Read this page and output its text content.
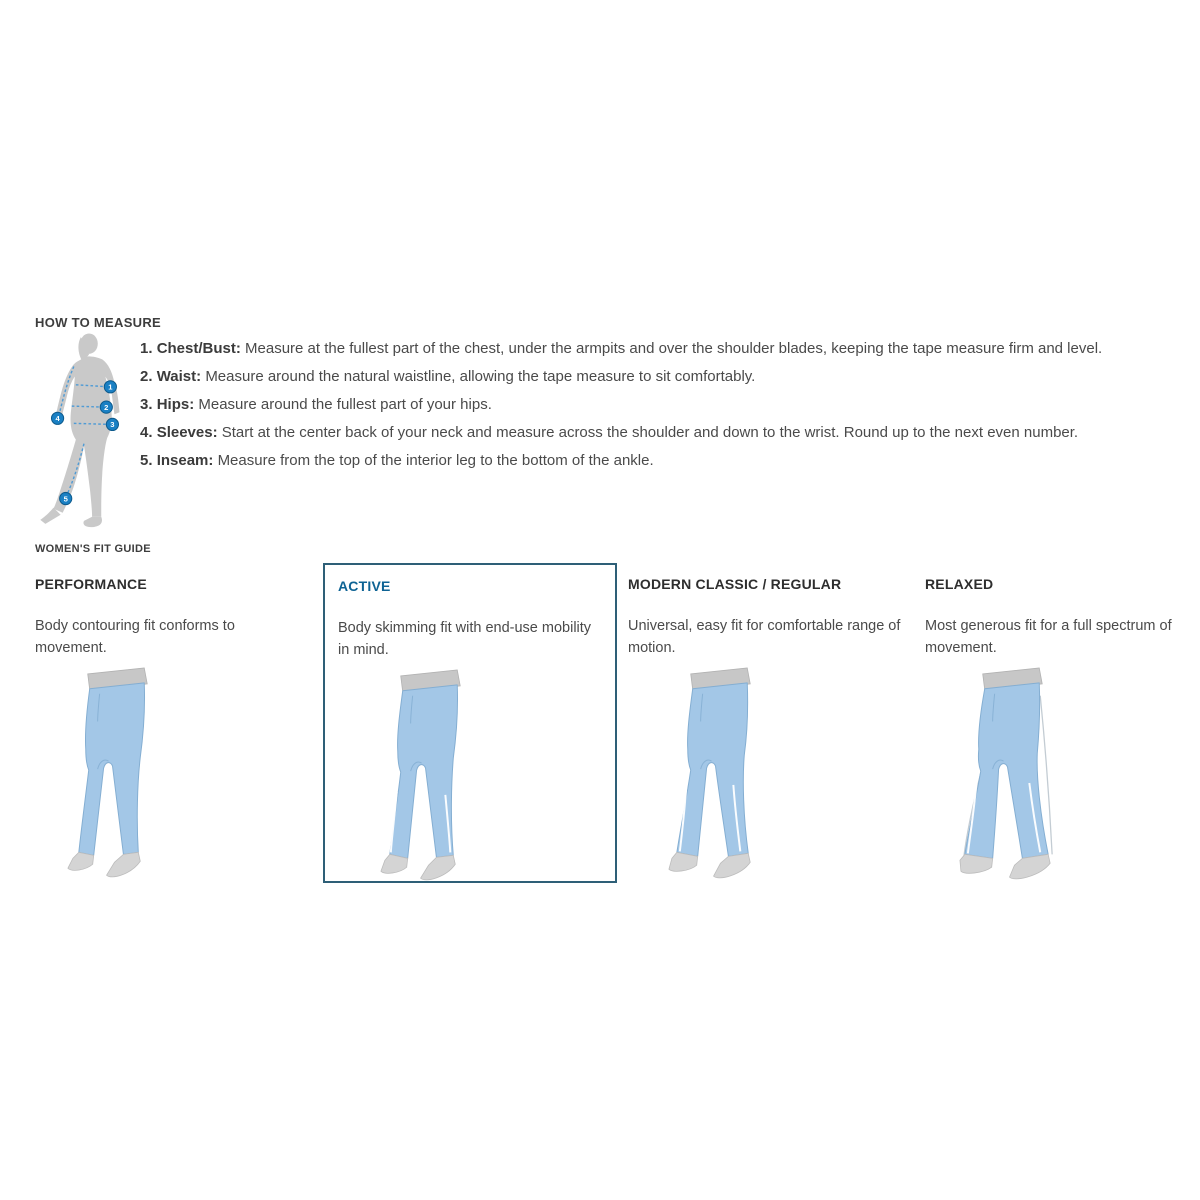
HOW TO MEASURE
1
2
3
4
5
1. Chest/Bust: Measure at the fullest part of the chest, under the armpits and over the shoulder blades, keeping the tape measure firm and level.
2. Waist: Measure around the natural waistline, allowing the tape measure to sit comfortably.
3. Hips: Measure around the fullest part of your hips.
4. Sleeves: Start at the center back of your neck and measure across the shoulder and down to the wrist. Round up to the next even number.
5. Inseam: Measure from the top of the interior leg to the bottom of the ankle.
WOMEN'S FIT GUIDE
PERFORMANCE

Body contouring fit conforms to movement.

ACTIVE

Body skimming fit with end-use mobility in mind.

MODERN CLASSIC / REGULAR

Universal, easy fit for comfortable range of motion.

RELAXED

Most generous fit for a full spectrum of movement.
